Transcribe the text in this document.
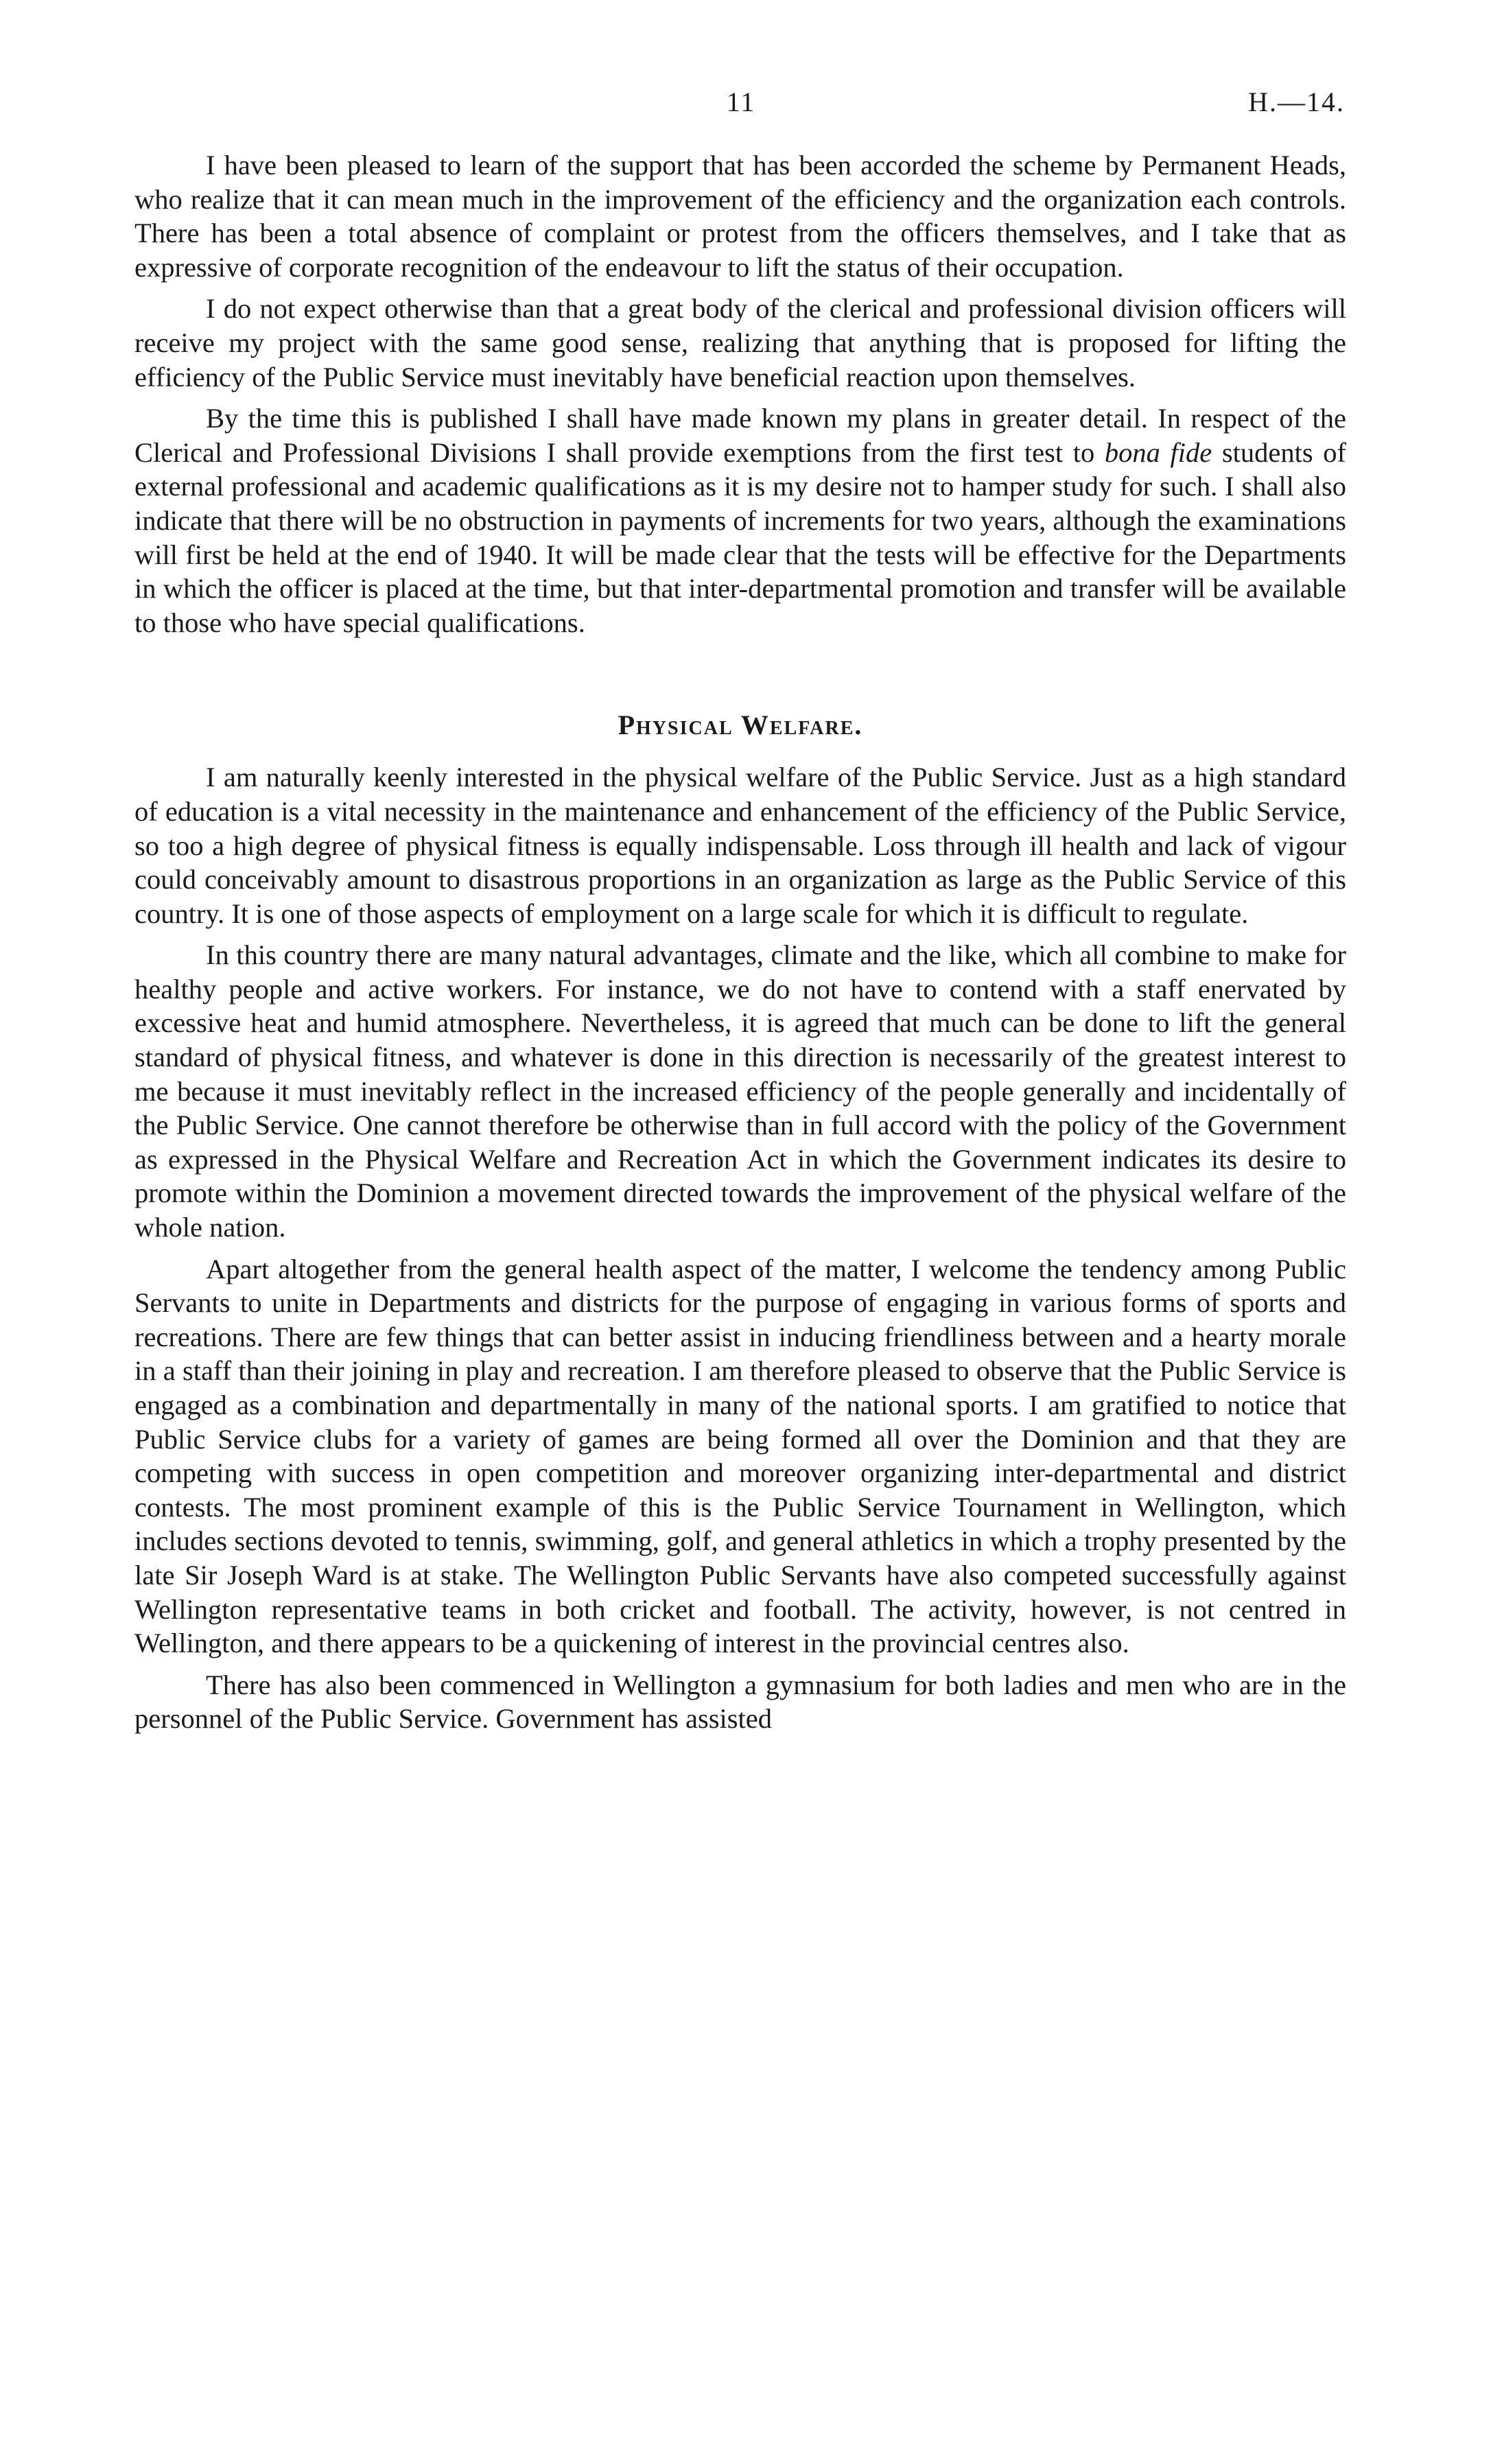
11	H.—14.

I have been pleased to learn of the support that has been accorded the scheme by Permanent Heads, who realize that it can mean much in the improvement of the efficiency and the organization each controls. There has been a total absence of complaint or protest from the officers themselves, and I take that as expressive of corporate recognition of the endeavour to lift the status of their occupation.

I do not expect otherwise than that a great body of the clerical and professional division officers will receive my project with the same good sense, realizing that anything that is proposed for lifting the efficiency of the Public Service must inevitably have beneficial reaction upon themselves.

By the time this is published I shall have made known my plans in greater detail. In respect of the Clerical and Professional Divisions I shall provide exemptions from the first test to bona fide students of external professional and academic qualifications as it is my desire not to hamper study for such. I shall also indicate that there will be no obstruction in payments of increments for two years, although the examinations will first be held at the end of 1940. It will be made clear that the tests will be effective for the Departments in which the officer is placed at the time, but that inter-departmental promotion and transfer will be available to those who have special qualifications.

Physical Welfare.

I am naturally keenly interested in the physical welfare of the Public Service. Just as a high standard of education is a vital necessity in the maintenance and enhancement of the efficiency of the Public Service, so too a high degree of physical fitness is equally indispensable. Loss through ill health and lack of vigour could conceivably amount to disastrous proportions in an organization as large as the Public Service of this country. It is one of those aspects of employment on a large scale for which it is difficult to regulate.

In this country there are many natural advantages, climate and the like, which all combine to make for healthy people and active workers. For instance, we do not have to contend with a staff enervated by excessive heat and humid atmosphere. Nevertheless, it is agreed that much can be done to lift the general standard of physical fitness, and whatever is done in this direction is necessarily of the greatest interest to me because it must inevitably reflect in the increased efficiency of the people generally and incidentally of the Public Service. One cannot therefore be otherwise than in full accord with the policy of the Government as expressed in the Physical Welfare and Recreation Act in which the Government indicates its desire to promote within the Dominion a movement directed towards the improvement of the physical welfare of the whole nation.

Apart altogether from the general health aspect of the matter, I welcome the tendency among Public Servants to unite in Departments and districts for the purpose of engaging in various forms of sports and recreations. There are few things that can better assist in inducing friendliness between and a hearty morale in a staff than their joining in play and recreation. I am therefore pleased to observe that the Public Service is engaged as a combination and departmentally in many of the national sports. I am gratified to notice that Public Service clubs for a variety of games are being formed all over the Dominion and that they are competing with success in open competition and moreover organizing inter-departmental and district contests. The most prominent example of this is the Public Service Tournament in Wellington, which includes sections devoted to tennis, swimming, golf, and general athletics in which a trophy presented by the late Sir Joseph Ward is at stake. The Wellington Public Servants have also competed successfully against Wellington representative teams in both cricket and football. The activity, however, is not centred in Wellington, and there appears to be a quickening of interest in the provincial centres also.

There has also been commenced in Wellington a gymnasium for both ladies and men who are in the personnel of the Public Service. Government has assisted
